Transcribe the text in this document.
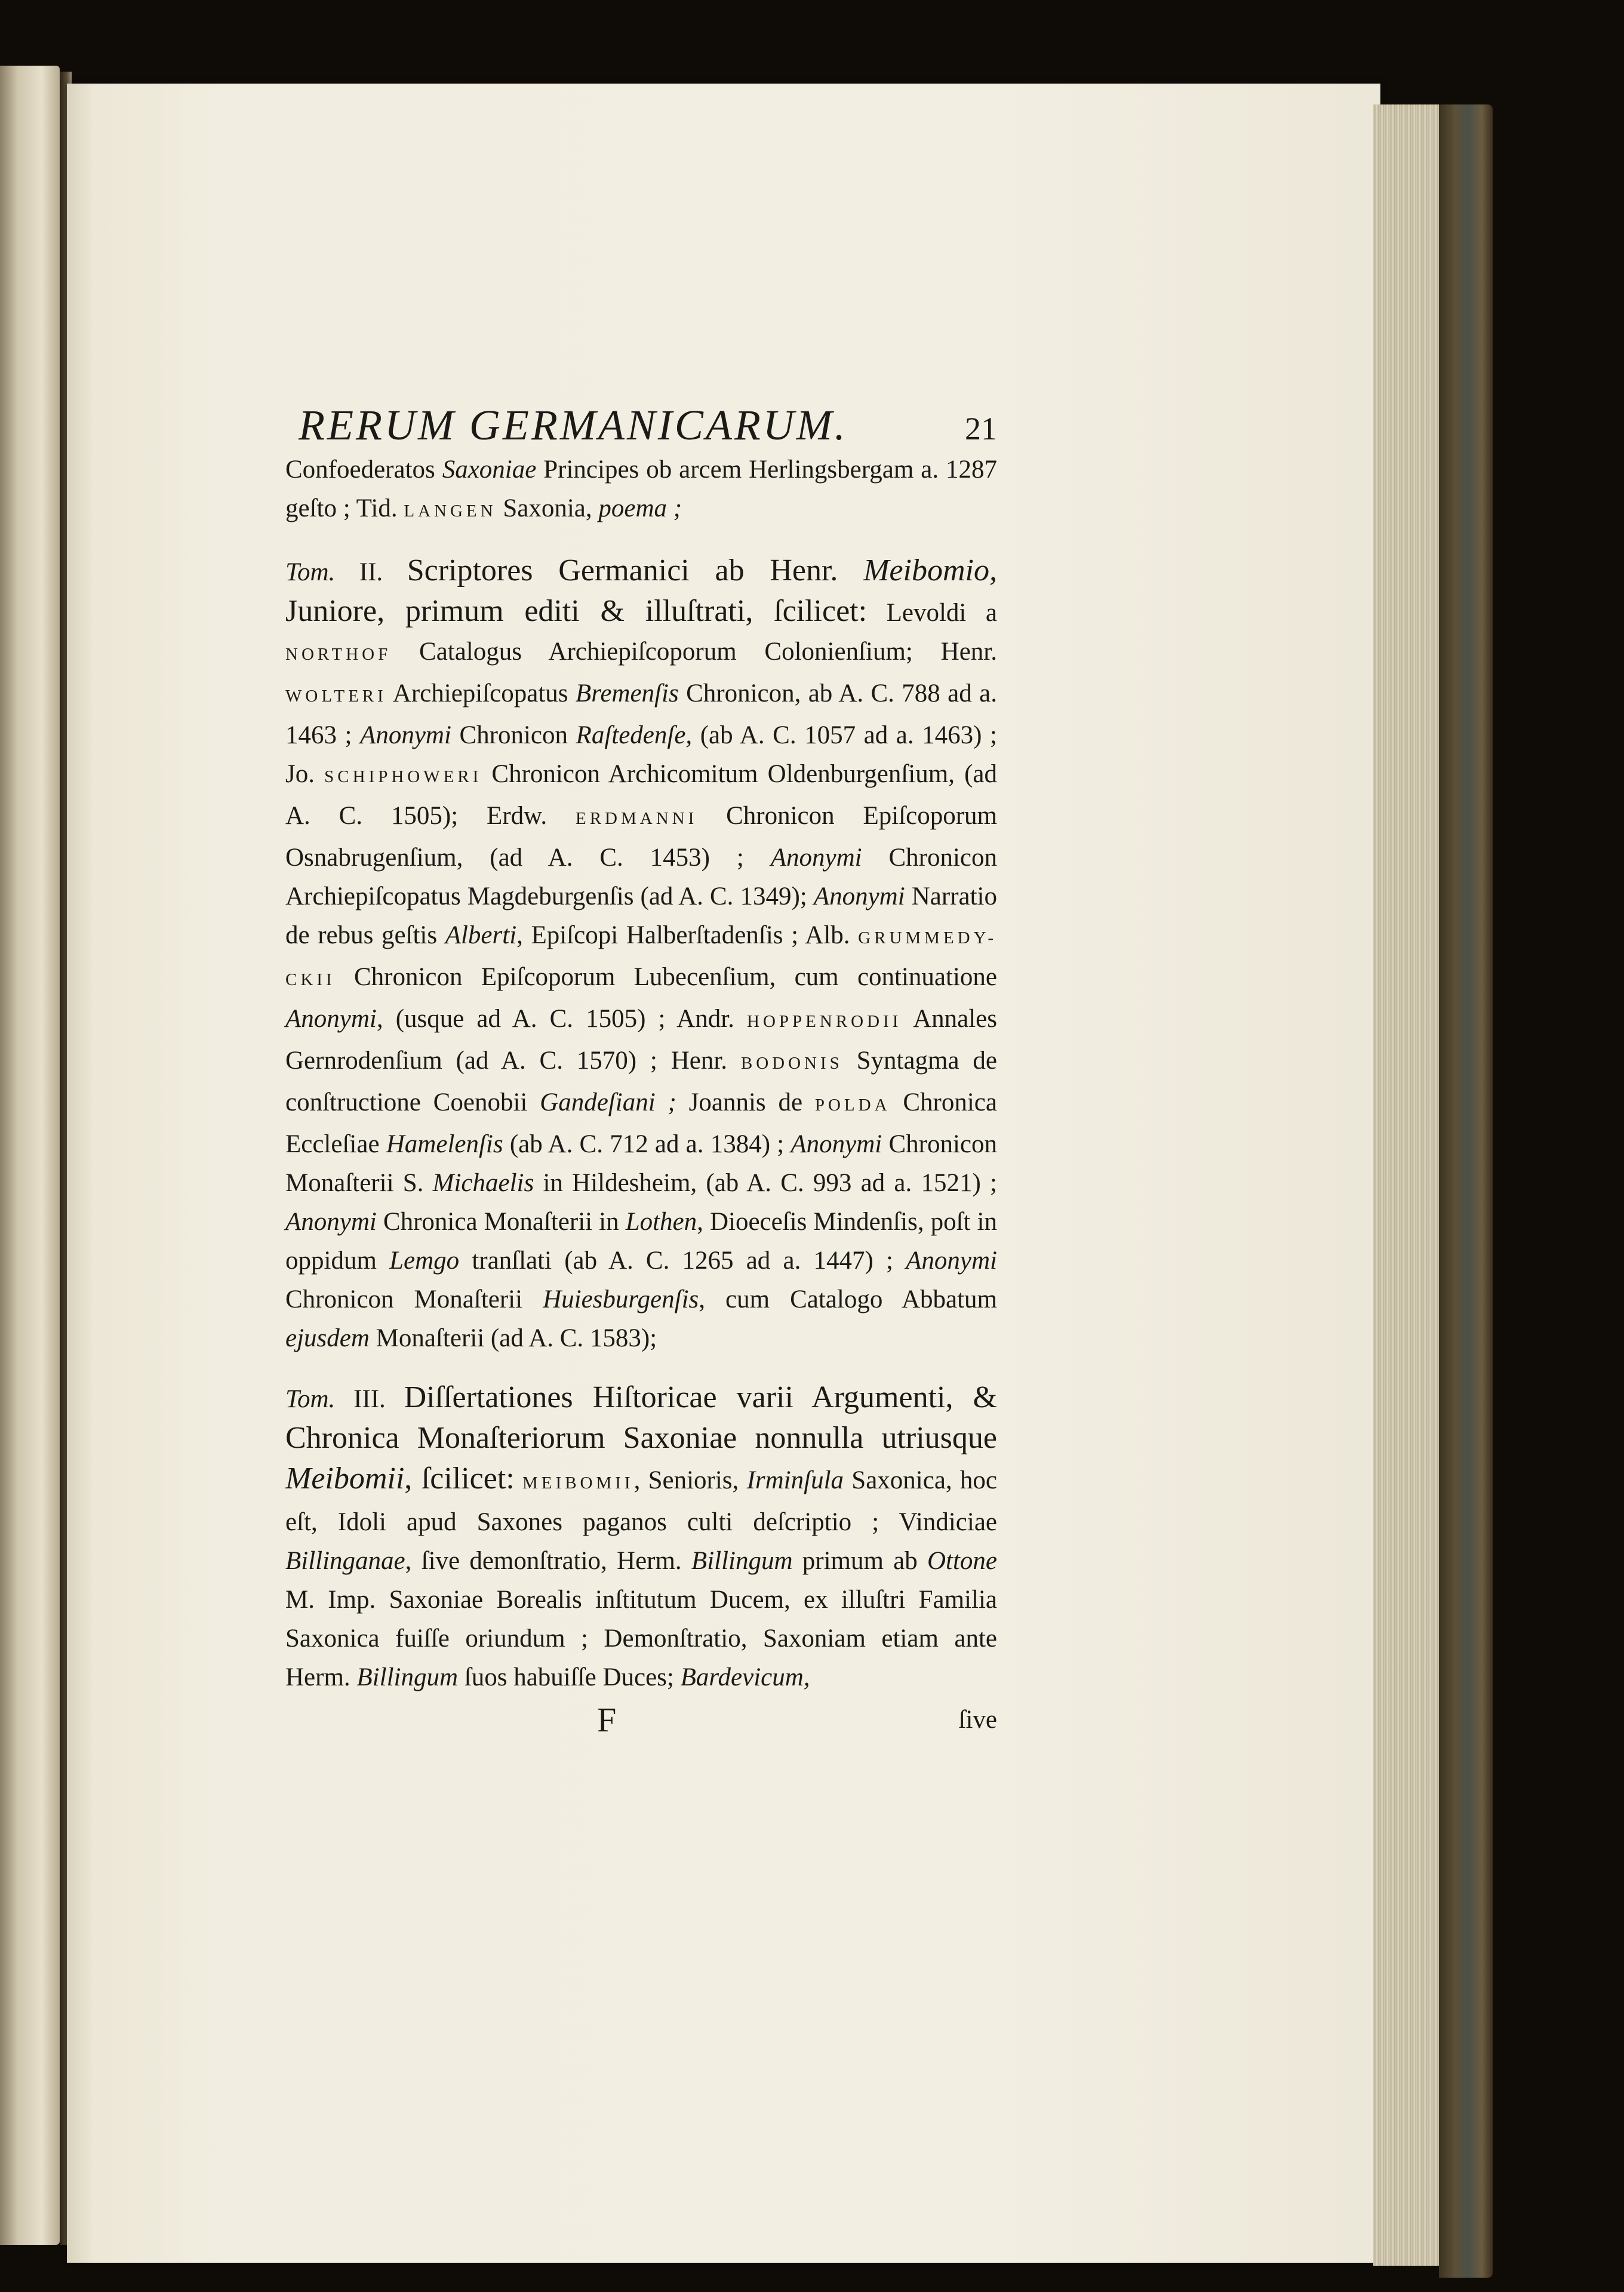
RERUM GERMANICARUM.	21

Confoederatos Saxoniae Principes ob arcem Herlingsbergam a. 1287 geſto ; Tid. LANGEN Saxonia, poema ;

Tom. II. Scriptores Germanici ab Henr. Meibomio, Juniore, primum editi & illuſtrati, ſcilicet: Levoldi a NORTHOF Catalogus Archiepiſcoporum Colonienſium; Henr. WOLTERI Archiepiſcopatus Bremenſis Chronicon, ab A. C. 788 ad a. 1463 ; Anonymi Chronicon Raſtedenſe, (ab A. C. 1057 ad a. 1463) ; Jo. SCHIPHOWERI Chronicon Archicomitum Oldenburgenſium, (ad A. C. 1505); Erdw. ERDMANNI Chronicon Epiſcoporum Osnabrugenſium, (ad A. C. 1453) ; Anonymi Chronicon Archiepiſcopatus Magdeburgenſis (ad A. C. 1349); Anonymi Narratio de rebus geſtis Alberti, Epiſcopi Halberſtadenſis ; Alb. GRUMMEDY-CKII Chronicon Epiſcoporum Lubecenſium, cum continuatione Anonymi, (usque ad A. C. 1505) ; Andr. HOPPENRODII Annales Gernrodenſium (ad A. C. 1570) ; Henr. BODONIS Syntagma de conſtructione Coenobii Gandeſiani ; Joannis de POLDA Chronica Eccleſiae Hamelenſis (ab A. C. 712 ad a. 1384) ; Anonymi Chronicon Monaſterii S. Michaelis in Hildesheim, (ab A. C. 993 ad a. 1521) ; Anonymi Chronica Monaſterii in Lothen, Dioeceſis Mindenſis, poſt in oppidum Lemgo tranſlati (ab A. C. 1265 ad a. 1447) ; Anonymi Chronicon Monaſterii Huiesburgenſis, cum Catalogo Abbatum ejusdem Monaſterii (ad A. C. 1583);

Tom. III. Diſſertationes Hiſtoricae varii Argumenti, & Chronica Monaſteriorum Saxoniae nonnulla utriusque Meibomii, ſcilicet: MEIBOMII, Senioris, Irminſula Saxonica, hoc eſt, Idoli apud Saxones paganos culti deſcriptio ; Vindiciae Billinganae, ſive demonſtratio, Herm. Billingum primum ab Ottone M. Imp. Saxoniae Borealis inſtitutum Ducem, ex illuſtri Familia Saxonica fuiſſe oriundum ; Demonſtratio, Saxoniam etiam ante Herm. Billingum ſuos habuiſſe Duces; Bardevicum,

F	ſive
